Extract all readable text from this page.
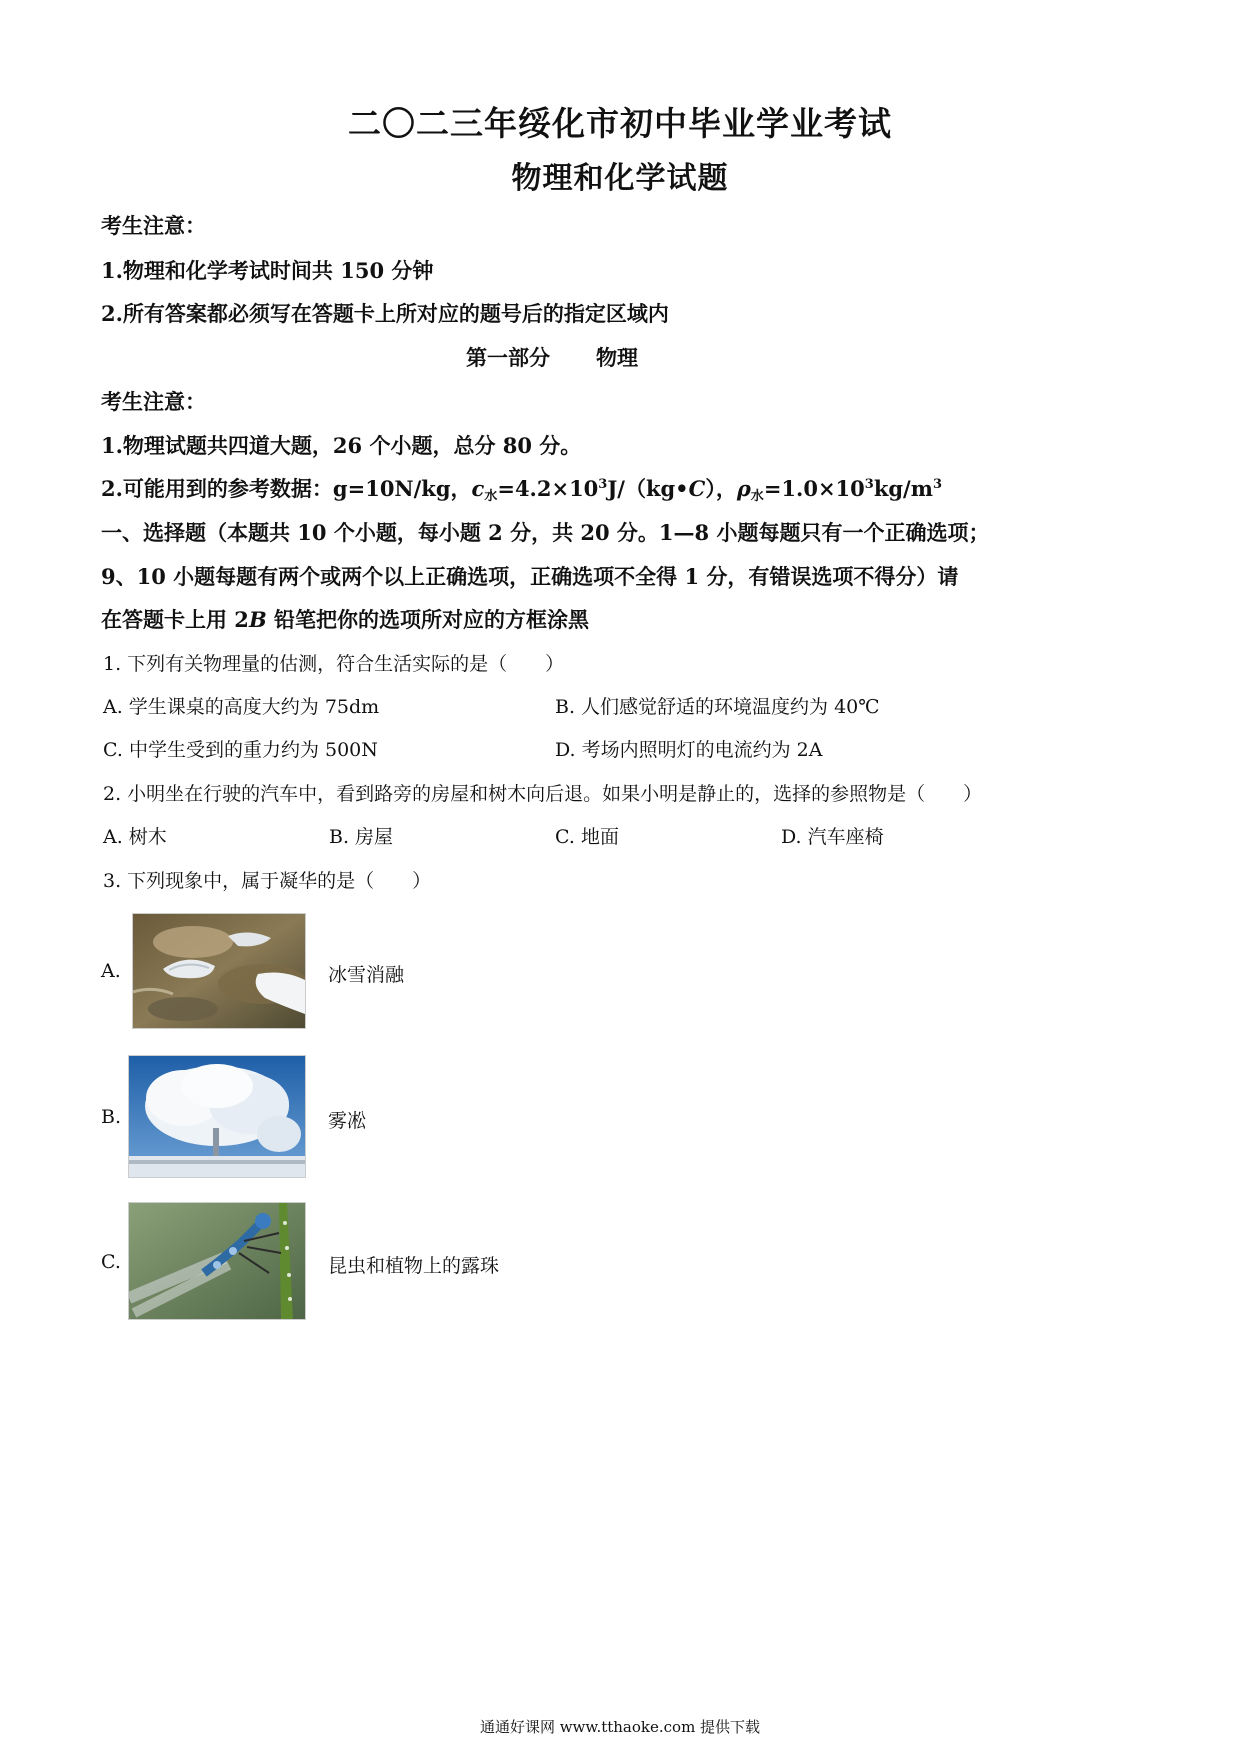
二〇二三年绥化市初中毕业学业考试
物理和化学试题
考生注意：
1.物理和化学考试时间共 150 分钟
2.所有答案都必须写在答题卡上所对应的题号后的指定区域内
第一部分 物理
考生注意：
1.物理试题共四道大题，26 个小题，总分 80 分。
2.可能用到的参考数据：g=10N/kg，$c_水=4.2\times 10^3J/(kg•C)$，$\rho_水=1.0\times 10^3kg/m^3$
一、选择题（本题共 10 个小题，每小题 2 分，共 20 分。1—8 小题每题只有一个正确选项；
9、10 小题每题有两个或两个以上正确选项，正确选项不全得 1 分，有错误选项不得分）请
在答题卡上用 2B 铅笔把你的选项所对应的方框涂黑
1. 下列有关物理量的估测，符合生活实际的是（　　）
A. 学生课桌的高度大约为 75dm	B. 人们感觉舒适的环境温度约为 40℃
C. 中学生受到的重力约为 500N	D. 考场内照明灯的电流约为 2A
2. 小明坐在行驶的汽车中，看到路旁的房屋和树木向后退。如果小明是静止的，选择的参照物是（　　）
A. 树木	B. 房屋	C. 地面	D. 汽车座椅
3. 下列现象中，属于凝华的是（　　）
A.	冰雪消融
B.	雾凇
C.	昆虫和植物上的露珠
通通好课网 www.tthaoke.com 提供下载
